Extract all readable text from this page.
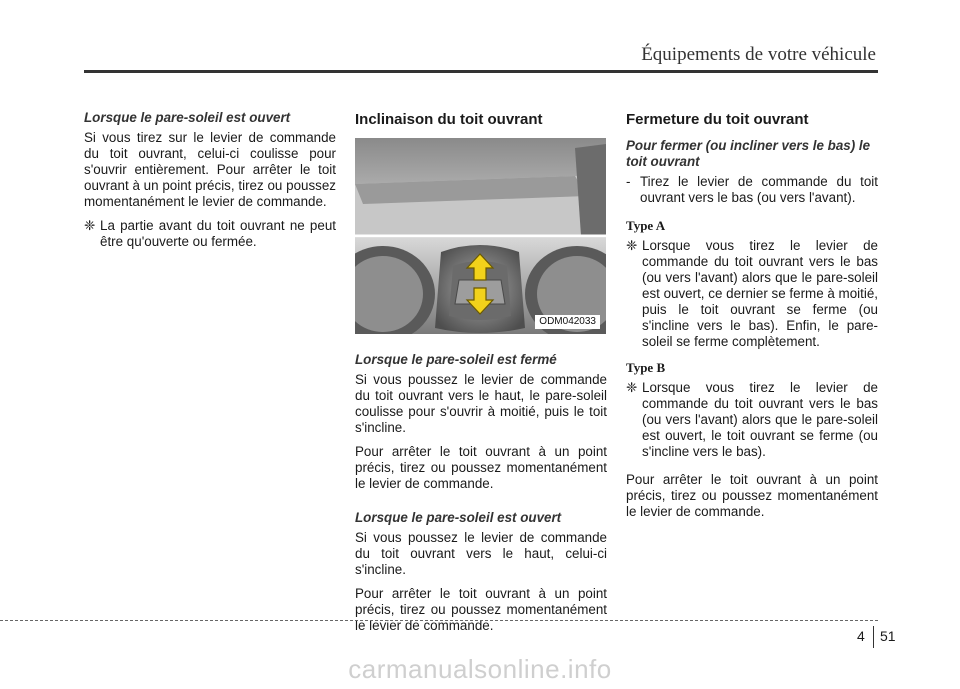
Équipements de votre véhicule
Lorsque le pare-soleil est ouvert

Si vous tirez sur le levier de commande du toit ouvrant, celui-ci coulisse pour s'ouvrir entièrement. Pour arrêter le toit ouvrant à un point précis, tirez ou poussez momentanément le levier de commande.

❈ La partie avant du toit ouvrant ne peut être qu'ouverte ou fermée.
Inclinaison du toit ouvrant
ODM042033
Lorsque le pare-soleil est fermé

Si vous poussez le levier de commande du toit ouvrant vers le haut, le pare-soleil coulisse pour s'ouvrir à moitié, puis le toit s'incline.

Pour arrêter le toit ouvrant à un point précis, tirez ou poussez momentanément le levier de commande.

Lorsque le pare-soleil est ouvert

Si vous poussez le levier de commande du toit ouvrant vers le haut, celui-ci s'incline.

Pour arrêter le toit ouvrant à un point précis, tirez ou poussez momentanément le levier de commande.

Fermeture du toit ouvrant
Pour fermer (ou incliner vers le bas) le toit ouvrant
- Tirez le levier de commande du toit ouvrant vers le bas (ou vers l'avant).
Type A
❈ Lorsque vous tirez le levier de commande du toit ouvrant vers le bas (ou vers l'avant) alors que le pare-soleil est ouvert, ce dernier se ferme à moitié, puis le toit ouvrant se ferme (ou s'incline vers le bas). Enfin, le pare-soleil se ferme complètement.
Type B
❈ Lorsque vous tirez le levier de commande du toit ouvrant vers le bas (ou vers l'avant) alors que le pare-soleil est ouvert, le toit ouvrant se ferme (ou s'incline vers le bas).

Pour arrêter le toit ouvrant à un point précis, tirez ou poussez momentanément le levier de commande.

4 51
carmanualsonline.info
